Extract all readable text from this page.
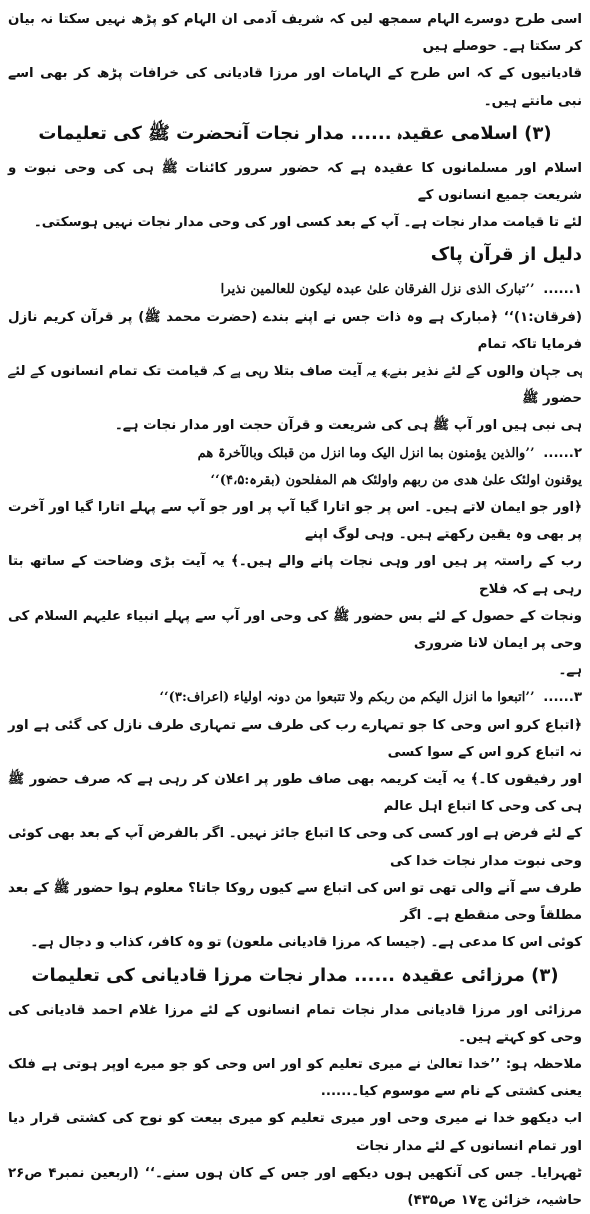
اسی طرح دوسرے الہام سمجھ لیں کہ شریف آدمی ان الہام کو پڑھ نہیں سکتا نہ بیان کر سکتا ہے۔ حوصلے ہیں

قادیانیوں کے کہ اس طرح کے الہامات اور مرزا قادیانی کی خرافات پڑھ کر بھی اسے نبی مانتے ہیں۔

(۳) اسلامی عقیدہ ...... مدار نجات آنحضرت ﷺ کی تعلیمات

اسلام اور مسلمانوں کا عقیدہ ہے کہ حضور سرور کائنات ﷺ ہی کی وحی نبوت و شریعت جمیع انسانوں کے

لئے تا قیامت مدار نجات ہے۔ آپ کے بعد کسی اور کی وحی مدار نجات نہیں ہوسکتی۔

دلیل از قرآن پاک

۱...... ’’تبارک الذی نزل الفرقان علیٰ عبدہ لیکون للعالمین نذیرا

(فرقان:۱)‘‘ ﴿مبارک ہے وہ ذات جس نے اپنے بندے (حضرت محمد ﷺ) پر قرآن کریم نازل فرمایا تاکہ تمام

ہی جہان والوں کے لئے نذیر بنے۔﴾ یہ آیت صاف بتلا رہی ہے کہ قیامت تک تمام انسانوں کے لئے حضور ﷺ

ہی نبی ہیں اور آپ ﷺ ہی کی شریعت و قرآن حجت اور مدار نجات ہے۔

۲...... ’’والذین یؤمنون بما انزل الیک وما انزل من قبلک وبالآخرۃ هم

یوقنون اولئک علیٰ ھدی من ربھم واولئک ھم المفلحون (بقرہ:۴،۵)‘‘

﴿اور جو ایمان لاتے ہیں۔ اس پر جو اتارا گیا آپ پر اور جو آپ سے پہلے اتارا گیا اور آخرت پر بھی وہ یقین رکھتے ہیں۔ وہی لوگ اپنے

رب کے راستہ پر ہیں اور وہی نجات پانے والے ہیں۔﴾ یہ آیت بڑی وضاحت کے ساتھ بتا رہی ہے کہ فلاح

ونجات کے حصول کے لئے بس حضور ﷺ کی وحی اور آپ سے پہلے انبیاء علیہم السلام کی وحی پر ایمان لانا ضروری

ہے۔

۳...... ’’اتبعوا ما انزل الیکم من ربکم ولا تتبعوا من دونہ اولیاء (اعراف:۳)‘‘

﴿اتباع کرو اس وحی کا جو تمہارے رب کی طرف سے تمہاری طرف نازل کی گئی ہے اور نہ اتباع کرو اس کے سوا کسی

اور رفیقوں کا۔﴾ یہ آیت کریمہ بھی صاف طور پر اعلان کر رہی ہے کہ صرف حضور ﷺ ہی کی وحی کا اتباع اہل عالم

کے لئے فرض ہے اور کسی کی وحی کا اتباع جائز نہیں۔ اگر بالفرض آپ کے بعد بھی کوئی وحی نبوت مدار نجات خدا کی

طرف سے آنے والی تھی تو اس کی اتباع سے کیوں روکا جاتا؟ معلوم ہوا حضور ﷺ کے بعد مطلقاً وحی منقطع ہے۔ اگر

کوئی اس کا مدعی ہے۔ (جیسا کہ مرزا قادیانی ملعون) تو وہ کافر، کذاب و دجال ہے۔

(۳) مرزائی عقیدہ ...... مدار نجات مرزا قادیانی کی تعلیمات

مرزائی اور مرزا قادیانی مدار نجات تمام انسانوں کے لئے مرزا غلام احمد قادیانی کی وحی کو کہتے ہیں۔

ملاحظہ ہو: ’’خدا تعالیٰ نے میری تعلیم کو اور اس وحی کو جو میرے اوپر ہوتی ہے فلک یعنی کشتی کے نام سے موسوم کیا۔......

اب دیکھو خدا نے میری وحی اور میری تعلیم کو میری بیعت کو نوح کی کشتی قرار دیا اور تمام انسانوں کے لئے مدار نجات

ٹھہرایا۔ جس کی آنکھیں ہوں دیکھے اور جس کے کان ہوں سنے۔‘‘ (اربعین نمبر۴ ص۲۶ حاشیہ، خزائن ج۱۷ ص۴۳۵)
